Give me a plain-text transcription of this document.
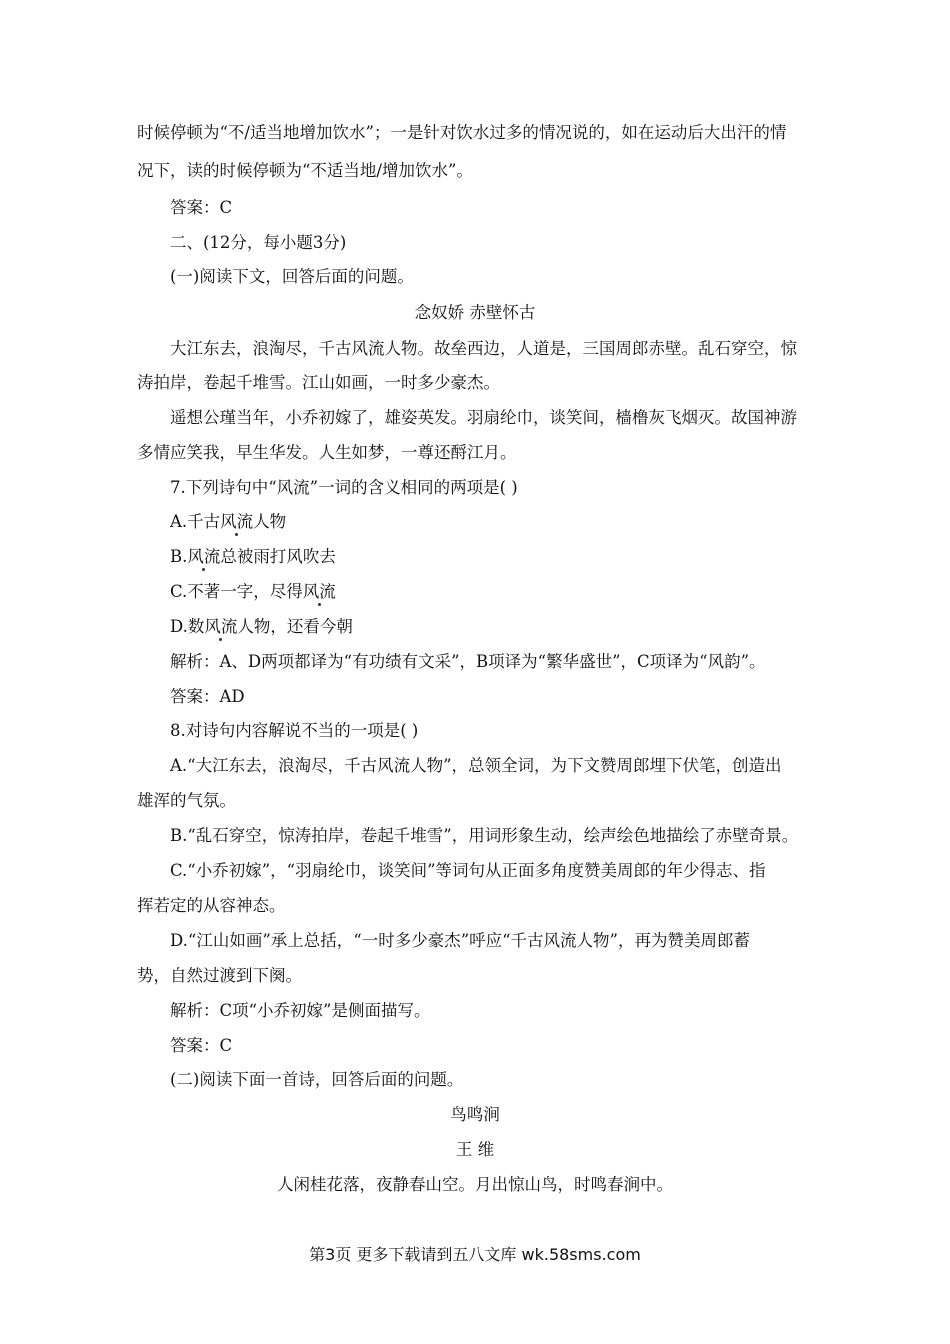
时候停顿为“不/适当地增加饮水”；一是针对饮水过多的情况说的，如在运动后大出汗的情
况下，读的时候停顿为“不适当地/增加饮水”。
答案：C
二、(12分，每小题3分)
(一)阅读下文，回答后面的问题。
念奴娇 赤壁怀古
大江东去，浪淘尽，千古风流人物。故垒西边，人道是，三国周郎赤壁。乱石穿空，惊
涛拍岸，卷起千堆雪。江山如画，一时多少豪杰。
遥想公瑾当年，小乔初嫁了，雄姿英发。羽扇纶巾，谈笑间，樯橹灰飞烟灭。故国神游
多情应笑我，早生华发。人生如梦，一尊还酹江月。
7.下列诗句中“风流”一词的含义相同的两项是( )
A.千古风流人物
B.风流总被雨打风吹去
C.不著一字，尽得风流
D.数风流人物，还看今朝
解析：A、D两项都译为“有功绩有文采”，B项译为“繁华盛世”，C项译为“风韵”。
答案：AD
8.对诗句内容解说不当的一项是( )
A.“大江东去，浪淘尽，千古风流人物”，总领全词，为下文赞周郎埋下伏笔，创造出
雄浑的气氛。
B.“乱石穿空，惊涛拍岸，卷起千堆雪”，用词形象生动，绘声绘色地描绘了赤壁奇景。
C.“小乔初嫁”，“羽扇纶巾，谈笑间”等词句从正面多角度赞美周郎的年少得志、指
挥若定的从容神态。
D.“江山如画”承上总括，“一时多少豪杰”呼应“千古风流人物”，再为赞美周郎蓄
势，自然过渡到下阕。
解析：C项“小乔初嫁”是侧面描写。
答案：C
(二)阅读下面一首诗，回答后面的问题。
鸟鸣涧
王 维
人闲桂花落，夜静春山空。月出惊山鸟，时鸣春涧中。
第3页 更多下载请到五八文库 wk.58sms.com
